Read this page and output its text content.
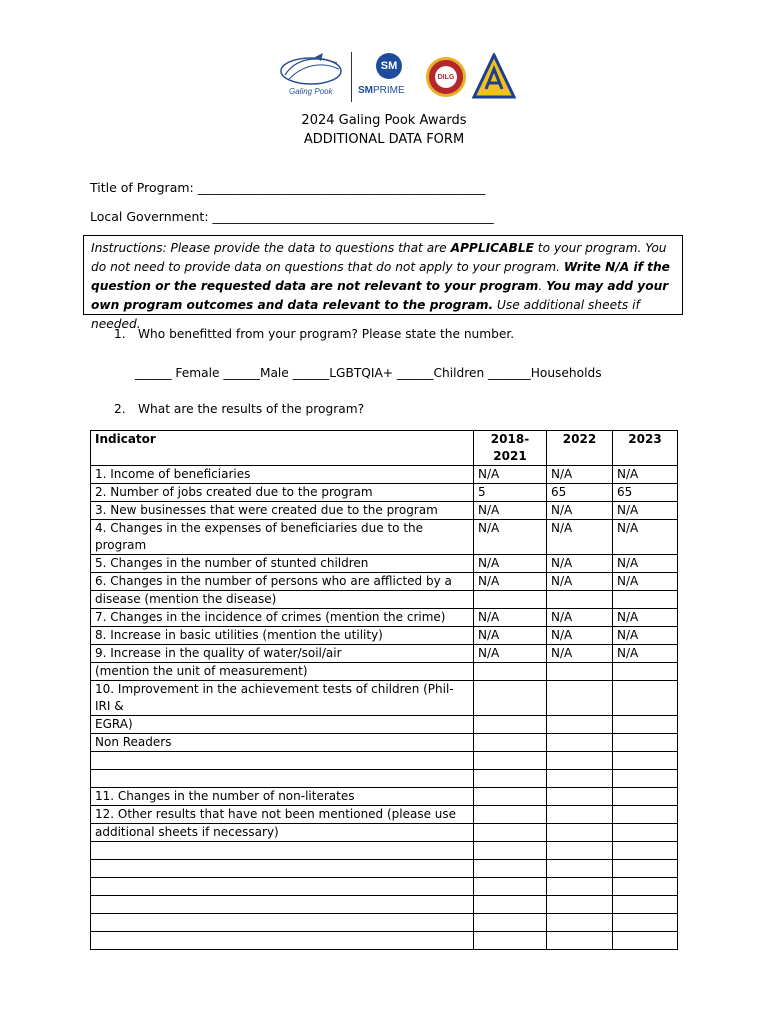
Galing Pook
SM
SMPRIME
DILG
2024 Galing Pook Awards
ADDITIONAL DATA FORM
Title of Program: ______________________________________________
Local Government: _____________________________________________
Instructions: Please provide the data to questions that are APPLICABLE to your program. You do not need to provide data on questions that do not apply to your program. Write N/A if the question or the requested data are not relevant to your program. You may add your own program outcomes and data relevant to the program. Use additional sheets if needed.
1. Who benefitted from your program? Please state the number.
______ Female ______Male ______LGBTQIA+ ______Children _______Households
2. What are the results of the program?
Indicator	2018-2021	2022	2023
1. Income of beneficiaries	N/A	N/A	N/A
2. Number of jobs created due to the program	5	65	65
3. New businesses that were created due to the program	N/A	N/A	N/A
4. Changes in the expenses of beneficiaries due to the program	N/A	N/A	N/A
5. Changes in the number of stunted children	N/A	N/A	N/A
6. Changes in the number of persons who are afflicted by a	N/A	N/A	N/A
disease (mention the disease)			
7. Changes in the incidence of crimes (mention the crime)	N/A	N/A	N/A
8. Increase in basic utilities (mention the utility)	N/A	N/A	N/A
9. Increase in the quality of water/soil/air	N/A	N/A	N/A
(mention the unit of measurement)			
10. Improvement in the achievement tests of children (Phil-IRI &			
EGRA)			
Non Readers			

11. Changes in the number of non-literates			
12. Other results that have not been mentioned (please use			
additional sheets if necessary)			
